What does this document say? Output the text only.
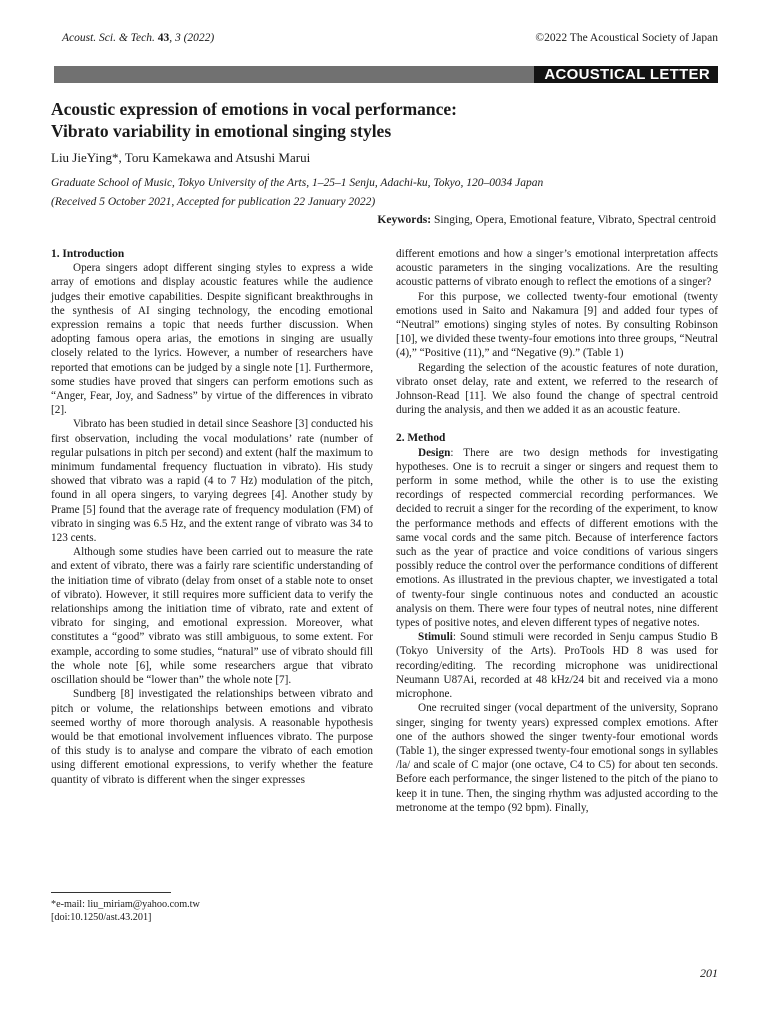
Acoust. Sci. & Tech. 43, 3 (2022)	©2022 The Acoustical Society of Japan
ACOUSTICAL LETTER
Acoustic expression of emotions in vocal performance:
Vibrato variability in emotional singing styles
Liu JieYing*, Toru Kamekawa and Atsushi Marui
Graduate School of Music, Tokyo University of the Arts, 1–25–1 Senju, Adachi-ku, Tokyo, 120–0034 Japan
(Received 5 October 2021, Accepted for publication 22 January 2022)
Keywords: Singing, Opera, Emotional feature, Vibrato, Spectral centroid
1. Introduction

Opera singers adopt different singing styles to express a wide array of emotions and display acoustic features while the audience judges their emotive capabilities. Despite significant breakthroughs in the synthesis of AI singing technology, the encoding emotional expression remains a topic that needs further discussion. When adopting famous opera arias, the emotions in singing are usually closely related to the lyrics. However, a number of researchers have reported that emotions can be judged by a single note [1]. Furthermore, some studies have proved that singers can perform emotions such as “Anger, Fear, Joy, and Sadness” by virtue of the differences in vibrato [2].

Vibrato has been studied in detail since Seashore [3] conducted his first observation, including the vocal modulations’ rate (number of regular pulsations in pitch per second) and extent (half the maximum to minimum fundamental frequency fluctuation in vibrato). His study showed that vibrato was a rapid (4 to 7 Hz) modulation of the pitch, found in all opera singers, to varying degrees [4]. Another study by Prame [5] found that the average rate of frequency modulation (FM) of vibrato in singing was 6.5 Hz, and the extent range of vibrato was 34 to 123 cents.

Although some studies have been carried out to measure the rate and extent of vibrato, there was a fairly rare scientific understanding of the initiation time of vibrato (delay from onset of a stable note to onset of vibrato). However, it still requires more sufficient data to verify the relationships among the initiation time of vibrato, rate and extent of vibrato for singing, and emotional expression. Moreover, what constitutes a “good” vibrato was still ambiguous, to some extent. For example, according to some studies, “natural” use of vibrato should fill the whole note [6], while some researchers argue that vibrato oscillation should be “lower than” the whole note [7].

Sundberg [8] investigated the relationships between vibrato and pitch or volume, the relationships between emotions and vibrato seemed worthy of more thorough analysis. A reasonable hypothesis would be that emotional involvement influences vibrato. The purpose of this study is to analyse and compare the vibrato of each emotion using different emotional expressions, to verify whether the feature quantity of vibrato is different when the singer expresses

different emotions and how a singer’s emotional interpretation affects acoustic parameters in the singing vocalizations. Are the resulting acoustic patterns of vibrato enough to reflect the emotions of a singer?

For this purpose, we collected twenty-four emotional (twenty emotions used in Saito and Nakamura [9] and added four types of “Neutral” emotions) singing styles of notes. By consulting Robinson [10], we divided these twenty-four emotions into three groups, “Neutral (4),” “Positive (11),” and “Negative (9).” (Table 1)

Regarding the selection of the acoustic features of note duration, vibrato onset delay, rate and extent, we referred to the research of Johnson-Read [11]. We also found the change of spectral centroid during the analysis, and then we added it as an acoustic feature.

2. Method

Design: There are two design methods for investigating hypotheses. One is to recruit a singer or singers and request them to perform in some method, while the other is to use the existing recordings of respected commercial recording performances. We decided to recruit a singer for the recording of the experiment, to know the performance methods and effects of different emotions with the same vocal cords and the same pitch. Because of interference factors such as the year of practice and voice conditions of various singers possibly reduce the control over the performance conditions of different emotions. As illustrated in the previous chapter, we investigated a total of twenty-four single continuous notes and conducted an acoustic analysis on them. There were four types of neutral notes, nine different types of positive notes, and eleven different types of negative notes.

Stimuli: Sound stimuli were recorded in Senju campus Studio B (Tokyo University of the Arts). ProTools HD 8 was used for recording/editing. The recording microphone was unidirectional Neumann U87Ai, recorded at 48 kHz/24 bit and received via a mono microphone.

One recruited singer (vocal department of the university, Soprano singer, singing for twenty years) expressed complex emotions. After one of the authors showed the singer twenty-four emotional words (Table 1), the singer expressed twenty-four emotional songs in syllables /la/ and scale of C major (one octave, C4 to C5) for about ten seconds. Before each performance, the singer listened to the pitch of the piano to keep it in tune. Then, the singing rhythm was adjusted according to the metronome at the tempo (92 bpm). Finally,

*e-mail: liu_miriam@yahoo.com.tw
[doi:10.1250/ast.43.201]
201
